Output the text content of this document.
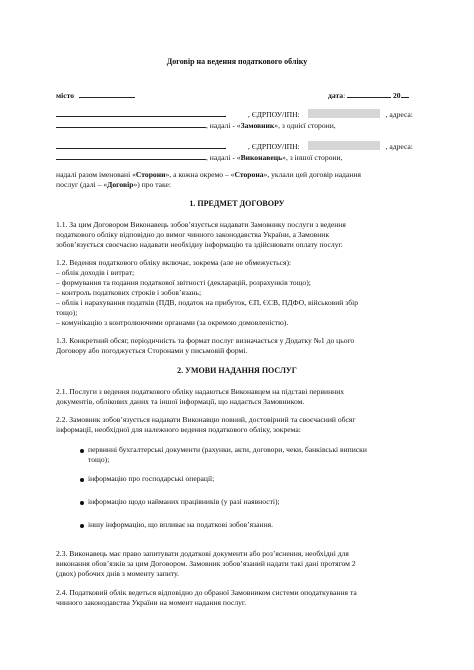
Договір на ведення податкового обліку
місто	дата:	20
, ЄДРПОУ/ІПН:	, адреса:
, надалі - «Замовник», з однієї сторони,
, ЄДРПОУ/ІПН:	, адреса:
, надалі - «Виконавець», з іншої сторони,
надалі разом іменовані «Сторони», а кожна окремо – «Сторона», уклали цей договір надання
послуг (далі – «Договір») про таке:
1. ПРЕДМЕТ ДОГОВОРУ
1.1. За цим Договором Виконавець зобов’язується надавати Замовнику послуги з ведення
податкового обліку відповідно до вимог чинного законодавства України, а Замовник
зобов’язується своєчасно надавати необхідну інформацію та здійснювати оплату послуг.
1.2. Ведення податкового обліку включає, зокрема (але не обмежується):
– облік доходів і витрат;
– формування та подання податкової звітності (декларацій, розрахунків тощо);
– контроль податкових строків і зобов’язань;
– облік і нарахування податків (ПДВ, податок на прибуток, ЄП, ЄСВ, ПДФО, військовий збір
тощо);
– комунікацію з контролюючими органами (за окремою домовленістю).
1.3. Конкретний обсяг, періодичність та формат послуг визначається у Додатку №1 до цього
Договору або погоджується Сторонами у письмовій формі.
2. УМОВИ НАДАННЯ ПОСЛУГ
2.1. Послуги з ведення податкового обліку надаються Виконавцем на підставі первинних
документів, облікових даних та іншої інформації, що надається Замовником.
2.2. Замовник зобов’язується надавати Виконавцю повний, достовірний та своєчасний обсяг
інформації, необхідної для належного ведення податкового обліку, зокрема:
первинні бухгалтерські документи (рахунки, акти, договори, чеки, банківські виписки
тощо);
інформацію про господарські операції;
інформацію щодо найманих працівників (у разі наявності);
іншу інформацію, що впливає на податкові зобов’язання.
2.3. Виконавець має право запитувати додаткові документи або роз’яснення, необхідні для
виконання обов’язків за цим Договором. Замовник зобов’язаний надати такі дані протягом 2
(двох) робочих днів з моменту запиту.
2.4. Податковий облік ведеться відповідно до обраної Замовником системи оподаткування та
чинного законодавства України на момент надання послуг.
